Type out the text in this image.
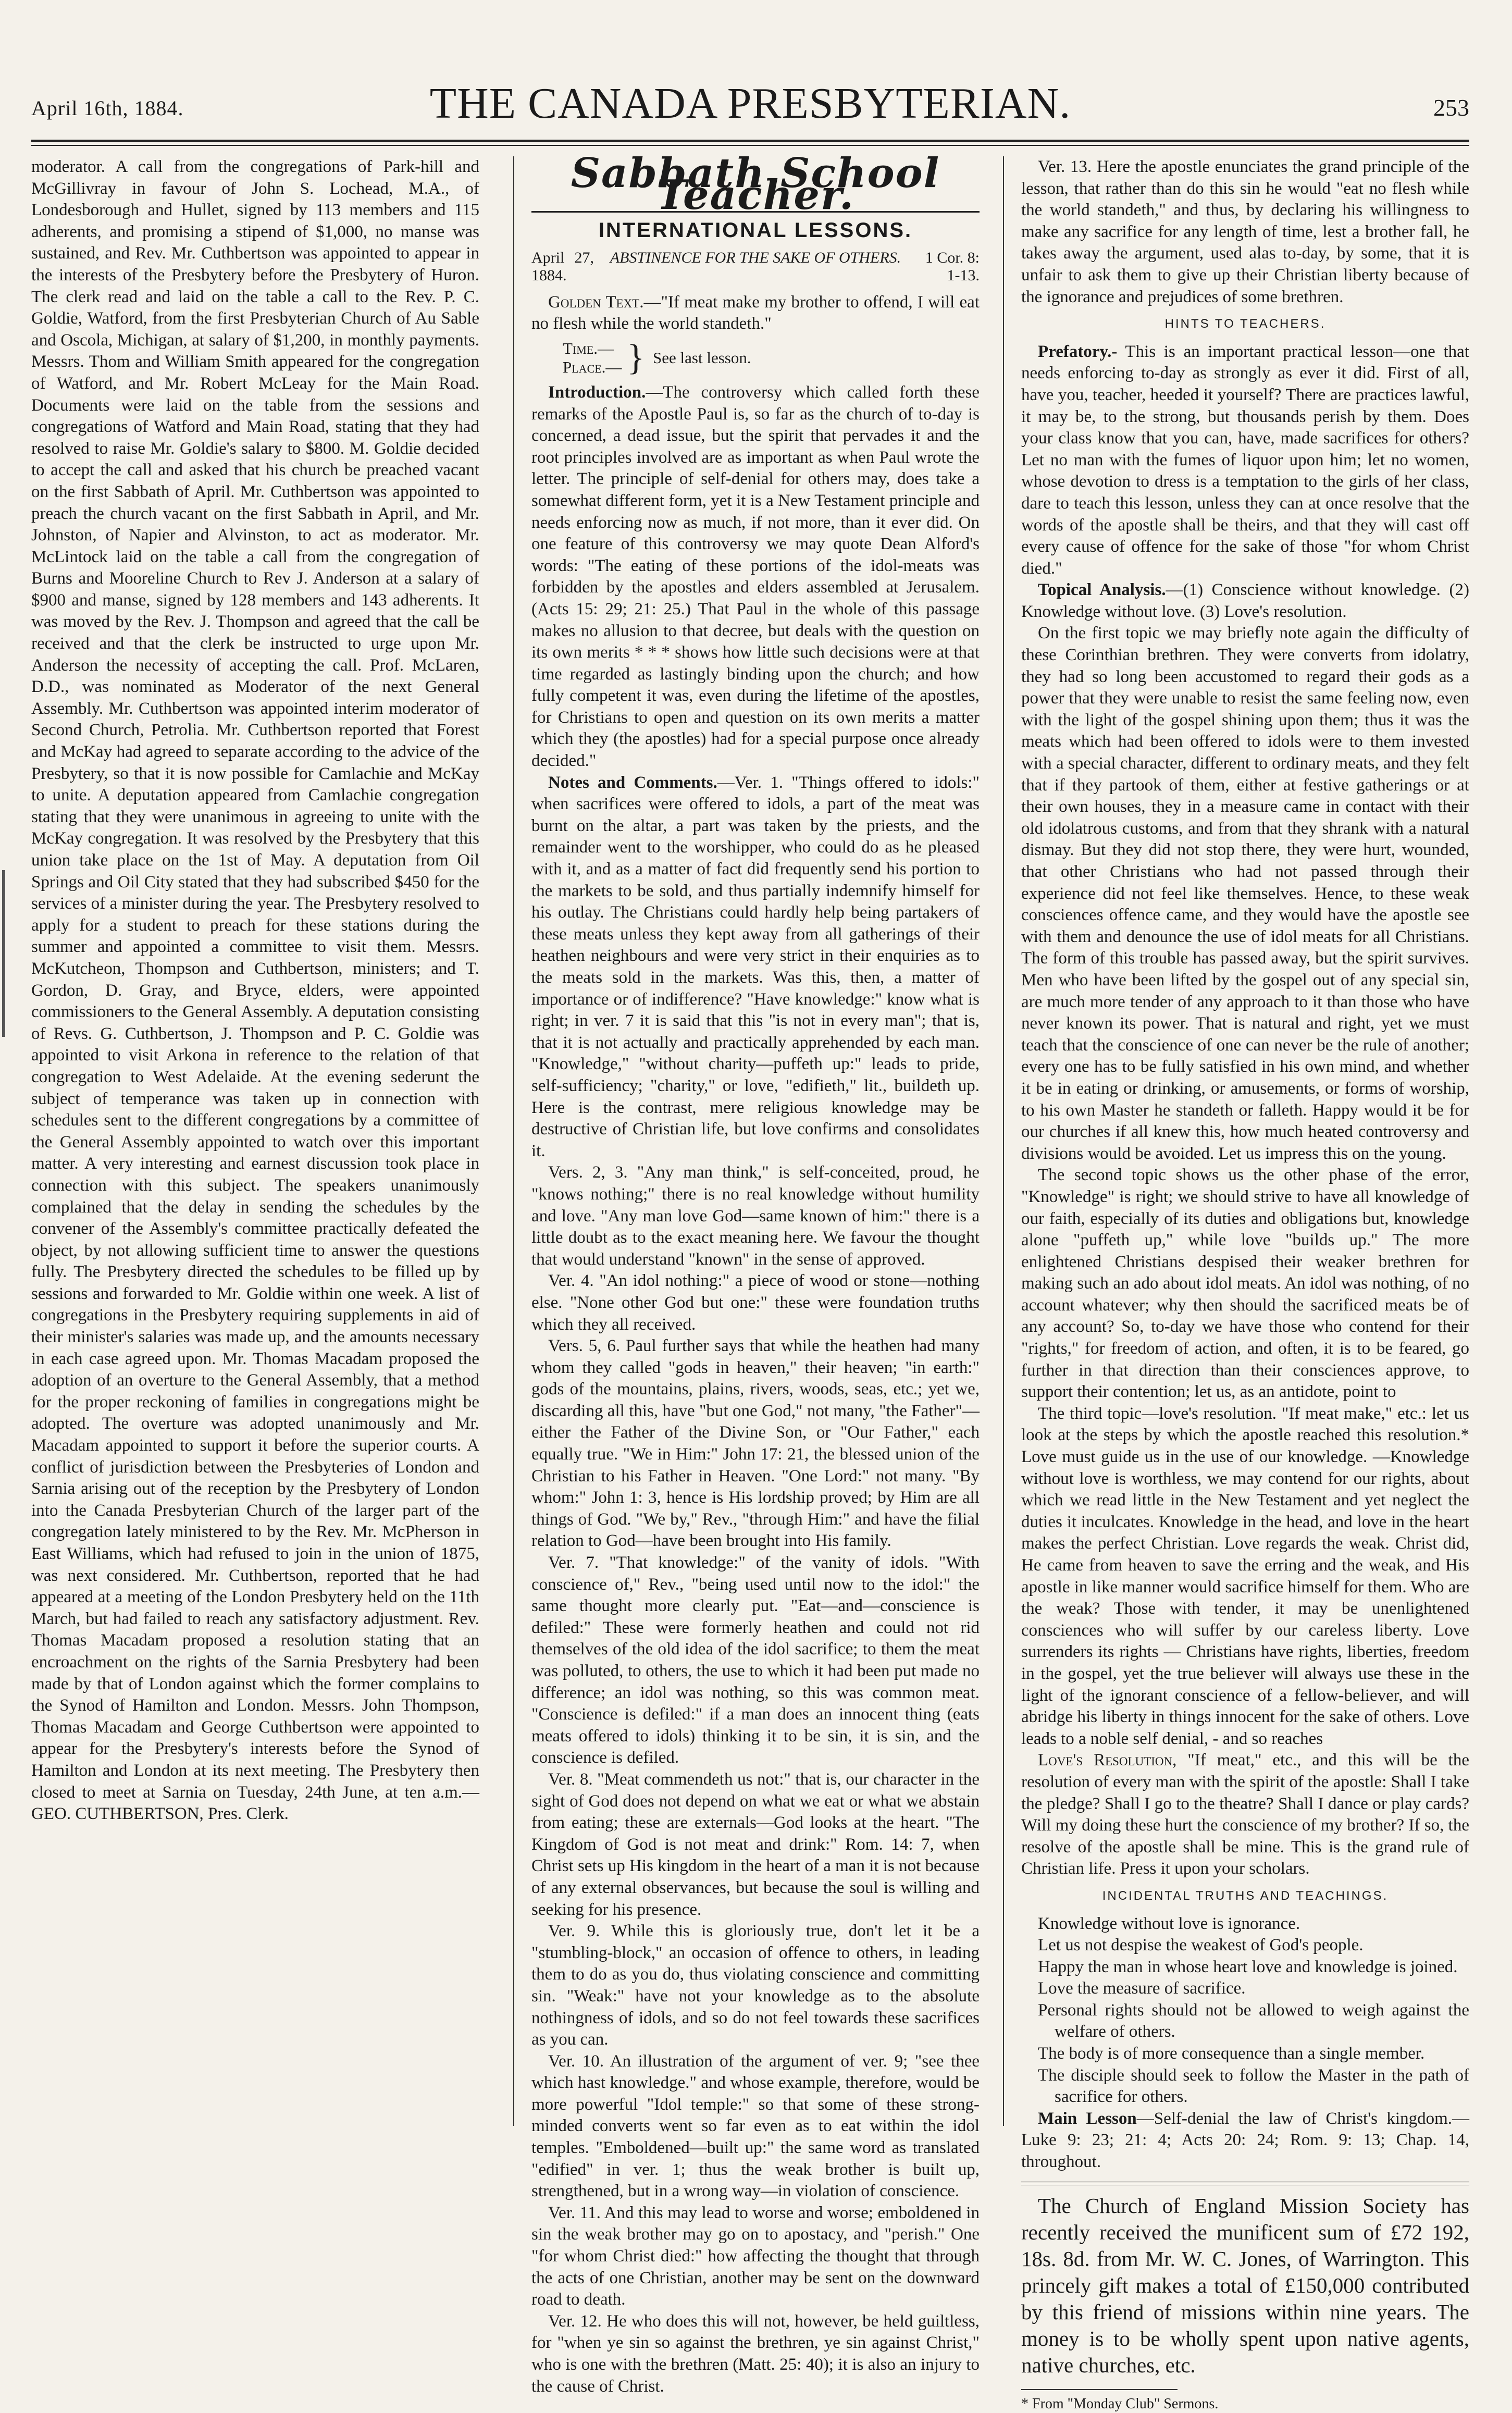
April 16th, 1884.	THE CANADA PRESBYTERIAN.	253

moderator. A call from the congregations of Park-hill and McGillivray in favour of John S. Lochead, M.A., of Londesborough and Hullet, signed by 113 members and 115 adherents, and promising a stipend of $1,000, no manse was sustained, and Rev. Mr. Cuthbertson was appointed to appear in the interests of the Presbytery before the Presbytery of Huron. The clerk read and laid on the table a call to the Rev. P. C. Goldie, Watford, from the first Presbyterian Church of Au Sable and Oscola, Michigan, at salary of $1,200, in monthly payments. Messrs. Thom and William Smith appeared for the congregation of Watford, and Mr. Robert McLeay for the Main Road. Documents were laid on the table from the sessions and congregations of Watford and Main Road, stating that they had resolved to raise Mr. Goldie's salary to $800. M. Goldie decided to accept the call and asked that his church be preached vacant on the first Sabbath of April. Mr. Cuthbertson was appointed to preach the church vacant on the first Sabbath in April, and Mr. Johnston, of Napier and Alvinston, to act as moderator. Mr. McLintock laid on the table a call from the congregation of Burns and Mooreline Church to Rev J. Anderson at a salary of $900 and manse, signed by 128 members and 143 adherents. It was moved by the Rev. J. Thompson and agreed that the call be received and that the clerk be instructed to urge upon Mr. Anderson the necessity of accepting the call. Prof. McLaren, D.D., was nominated as Moderator of the next General Assembly. Mr. Cuthbertson was appointed interim moderator of Second Church, Petrolia. Mr. Cuthbertson reported that Forest and McKay had agreed to separate according to the advice of the Presbytery, so that it is now possible for Camlachie and McKay to unite. A deputation appeared from Camlachie congregation stating that they were unanimous in agreeing to unite with the McKay congregation. It was resolved by the Presbytery that this union take place on the 1st of May. A deputation from Oil Springs and Oil City stated that they had subscribed $450 for the services of a minister during the year. The Presbytery resolved to apply for a student to preach for these stations during the summer and appointed a committee to visit them. Messrs. McKutcheon, Thompson and Cuthbertson, ministers; and T. Gordon, D. Gray, and Bryce, elders, were appointed commissioners to the General Assembly. A deputation consisting of Revs. G. Cuthbertson, J. Thompson and P. C. Goldie was appointed to visit Arkona in reference to the relation of that congregation to West Adelaide. At the evening sederunt the subject of temperance was taken up in connection with schedules sent to the different congregations by a committee of the General Assembly appointed to watch over this important matter. A very interesting and earnest discussion took place in connection with this subject. The speakers unanimously complained that the delay in sending the schedules by the convener of the Assembly's committee practically defeated the object, by not allowing sufficient time to answer the questions fully. The Presbytery directed the schedules to be filled up by sessions and forwarded to Mr. Goldie within one week. A list of congregations in the Presbytery requiring supplements in aid of their minister's salaries was made up, and the amounts necessary in each case agreed upon. Mr. Thomas Macadam proposed the adoption of an overture to the General Assembly, that a method for the proper reckoning of families in congregations might be adopted. The overture was adopted unanimously and Mr. Macadam appointed to support it before the superior courts. A conflict of jurisdiction between the Presbyteries of London and Sarnia arising out of the reception by the Presbytery of London into the Canada Presbyterian Church of the larger part of the congregation lately ministered to by the Rev. Mr. McPherson in East Williams, which had refused to join in the union of 1875, was next considered. Mr. Cuthbertson, reported that he had appeared at a meeting of the London Presbytery held on the 11th March, but had failed to reach any satisfactory adjustment. Rev. Thomas Macadam proposed a resolution stating that an encroachment on the rights of the Sarnia Presbytery had been made by that of London against which the former complains to the Synod of Hamilton and London. Messrs. John Thompson, Thomas Macadam and George Cuthbertson were appointed to appear for the Presbytery's interests before the Synod of Hamilton and London at its next meeting. The Presbytery then closed to meet at Sarnia on Tuesday, 24th June, at ten a.m.—GEO. CUTHBERTSON, Pres. Clerk.

Sabbath School Teacher.
INTERNATIONAL LESSONS.
April 27, 1884.
ABSTINENCE FOR THE SAKE OF OTHERS.	1 Cor. 8: 1-13.

Golden Text.—"If meat make my brother to offend, I will eat no flesh while the world standeth."

Time.—
Place.— } See last lesson.

Introduction.—The controversy which called forth these remarks of the Apostle Paul is, so far as the church of to-day is concerned, a dead issue, but the spirit that pervades it and the root principles involved are as important as when Paul wrote the letter. The principle of self-denial for others may, does take a somewhat different form, yet it is a New Testament principle and needs enforcing now as much, if not more, than it ever did. On one feature of this controversy we may quote Dean Alford's words: "The eating of these portions of the idol-meats was forbidden by the apostles and elders assembled at Jerusalem. (Acts 15: 29; 21: 25.) That Paul in the whole of this passage makes no allusion to that decree, but deals with the question on its own merits * * * shows how little such decisions were at that time regarded as lastingly binding upon the church; and how fully competent it was, even during the lifetime of the apostles, for Christians to open and question on its own merits a matter which they (the apostles) had for a special purpose once already decided."

Notes and Comments.—Ver. 1. "Things offered to idols:" when sacrifices were offered to idols, a part of the meat was burnt on the altar, a part was taken by the priests, and the remainder went to the worshipper, who could do as he pleased with it, and as a matter of fact did frequently send his portion to the markets to be sold, and thus partially indemnify himself for his outlay. The Christians could hardly help being partakers of these meats unless they kept away from all gatherings of their heathen neighbours and were very strict in their enquiries as to the meats sold in the markets. Was this, then, a matter of importance or of indifference? "Have knowledge:" know what is right; in ver. 7 it is said that this "is not in every man"; that is, that it is not actually and practically apprehended by each man. "Knowledge," "without charity—puffeth up:" leads to pride, self-sufficiency; "charity," or love, "edifieth," lit., buildeth up. Here is the contrast, mere religious knowledge may be destructive of Christian life, but love confirms and consolidates it.

Vers. 2, 3. "Any man think," is self-conceited, proud, he "knows nothing;" there is no real knowledge without humility and love. "Any man love God—same known of him:" there is a little doubt as to the exact meaning here. We favour the thought that would understand "known" in the sense of approved.

Ver. 4. "An idol nothing:" a piece of wood or stone—nothing else. "None other God but one:" these were foundation truths which they all received.

Vers. 5, 6. Paul further says that while the heathen had many whom they called "gods in heaven," their heaven; "in earth:" gods of the mountains, plains, rivers, woods, seas, etc.; yet we, discarding all this, have "but one God," not many, "the Father"—either the Father of the Divine Son, or "Our Father," each equally true. "We in Him:" John 17: 21, the blessed union of the Christian to his Father in Heaven. "One Lord:" not many. "By whom:" John 1: 3, hence is His lordship proved; by Him are all things of God. "We by," Rev., "through Him:" and have the filial relation to God—have been brought into His family.

Ver. 7. "That knowledge:" of the vanity of idols. "With conscience of," Rev., "being used until now to the idol:" the same thought more clearly put. "Eat—and—conscience is defiled:" These were formerly heathen and could not rid themselves of the old idea of the idol sacrifice; to them the meat was polluted, to others, the use to which it had been put made no difference; an idol was nothing, so this was common meat. "Conscience is defiled:" if a man does an innocent thing (eats meats offered to idols) thinking it to be sin, it is sin, and the conscience is defiled.

Ver. 8. "Meat commendeth us not:" that is, our character in the sight of God does not depend on what we eat or what we abstain from eating; these are externals—God looks at the heart. "The Kingdom of God is not meat and drink:" Rom. 14: 7, when Christ sets up His kingdom in the heart of a man it is not because of any external observances, but because the soul is willing and seeking for his presence.

Ver. 9. While this is gloriously true, don't let it be a "stumbling-block," an occasion of offence to others, in leading them to do as you do, thus violating conscience and committing sin. "Weak:" have not your knowledge as to the absolute nothingness of idols, and so do not feel towards these sacrifices as you can.

Ver. 10. An illustration of the argument of ver. 9; "see thee which hast knowledge." and whose example, therefore, would be more powerful "Idol temple:" so that some of these strong-minded converts went so far even as to eat within the idol temples. "Emboldened—built up:" the same word as translated "edified" in ver. 1; thus the weak brother is built up, strengthened, but in a wrong way—in violation of conscience.

Ver. 11. And this may lead to worse and worse; emboldened in sin the weak brother may go on to apostacy, and "perish." One "for whom Christ died:" how affecting the thought that through the acts of one Christian, another may be sent on the downward road to death.

Ver. 12. He who does this will not, however, be held guiltless, for "when ye sin so against the brethren, ye sin against Christ," who is one with the brethren (Matt. 25: 40); it is also an injury to the cause of Christ.

Ver. 13. Here the apostle enunciates the grand principle of the lesson, that rather than do this sin he would "eat no flesh while the world standeth," and thus, by declaring his willingness to make any sacrifice for any length of time, lest a brother fall, he takes away the argument, used alas to-day, by some, that it is unfair to ask them to give up their Christian liberty because of the ignorance and prejudices of some brethren.

HINTS TO TEACHERS.

Prefatory.- This is an important practical lesson—one that needs enforcing to-day as strongly as ever it did. First of all, have you, teacher, heeded it yourself? There are practices lawful, it may be, to the strong, but thousands perish by them. Does your class know that you can, have, made sacrifices for others? Let no man with the fumes of liquor upon him; let no women, whose devotion to dress is a temptation to the girls of her class, dare to teach this lesson, unless they can at once resolve that the words of the apostle shall be theirs, and that they will cast off every cause of offence for the sake of those "for whom Christ died."

Topical Analysis.—(1) Conscience without knowledge. (2) Knowledge without love. (3) Love's resolution.

On the first topic we may briefly note again the difficulty of these Corinthian brethren. They were converts from idolatry, they had so long been accustomed to regard their gods as a power that they were unable to resist the same feeling now, even with the light of the gospel shining upon them; thus it was the meats which had been offered to idols were to them invested with a special character, different to ordinary meats, and they felt that if they partook of them, either at festive gatherings or at their own houses, they in a measure came in contact with their old idolatrous customs, and from that they shrank with a natural dismay. But they did not stop there, they were hurt, wounded, that other Christians who had not passed through their experience did not feel like themselves. Hence, to these weak consciences offence came, and they would have the apostle see with them and denounce the use of idol meats for all Christians. The form of this trouble has passed away, but the spirit survives. Men who have been lifted by the gospel out of any special sin, are much more tender of any approach to it than those who have never known its power. That is natural and right, yet we must teach that the conscience of one can never be the rule of another; every one has to be fully satisfied in his own mind, and whether it be in eating or drinking, or amusements, or forms of worship, to his own Master he standeth or falleth. Happy would it be for our churches if all knew this, how much heated controversy and divisions would be avoided. Let us impress this on the young.

The second topic shows us the other phase of the error, "Knowledge" is right; we should strive to have all knowledge of our faith, especially of its duties and obligations but, knowledge alone "puffeth up," while love "builds up." The more enlightened Christians despised their weaker brethren for making such an ado about idol meats. An idol was nothing, of no account whatever; why then should the sacrificed meats be of any account? So, to-day we have those who contend for their "rights," for freedom of action, and often, it is to be feared, go further in that direction than their consciences approve, to support their contention; let us, as an antidote, point to

The third topic—love's resolution. "If meat make," etc.: let us look at the steps by which the apostle reached this resolution.* Love must guide us in the use of our knowledge. —Knowledge without love is worthless, we may contend for our rights, about which we read little in the New Testament and yet neglect the duties it inculcates. Knowledge in the head, and love in the heart makes the perfect Christian. Love regards the weak. Christ did, He came from heaven to save the erring and the weak, and His apostle in like manner would sacrifice himself for them. Who are the weak? Those with tender, it may be unenlightened consciences who will suffer by our careless liberty. Love surrenders its rights — Christians have rights, liberties, freedom in the gospel, yet the true believer will always use these in the light of the ignorant conscience of a fellow-believer, and will abridge his liberty in things innocent for the sake of others. Love leads to a noble self denial, - and so reaches

Love's Resolution, "If meat," etc., and this will be the resolution of every man with the spirit of the apostle: Shall I take the pledge? Shall I go to the theatre? Shall I dance or play cards? Will my doing these hurt the conscience of my brother? If so, the resolve of the apostle shall be mine. This is the grand rule of Christian life. Press it upon your scholars.

INCIDENTAL TRUTHS AND TEACHINGS.

Knowledge without love is ignorance.

Let us not despise the weakest of God's people.

Happy the man in whose heart love and knowledge is joined.

Love the measure of sacrifice.

Personal rights should not be allowed to weigh against the welfare of others.

The body is of more consequence than a single member.

The disciple should seek to follow the Master in the path of sacrifice for others.

Main Lesson—Self-denial the law of Christ's kingdom.—Luke 9: 23; 21: 4; Acts 20: 24; Rom. 9: 13; Chap. 14, throughout.

The Church of England Mission Society has recently received the munificent sum of £72 192, 18s. 8d. from Mr. W. C. Jones, of Warrington. This princely gift makes a total of £150,000 contributed by this friend of missions within nine years. The money is to be wholly spent upon native agents, native churches, etc.

* From "Monday Club" Sermons.
